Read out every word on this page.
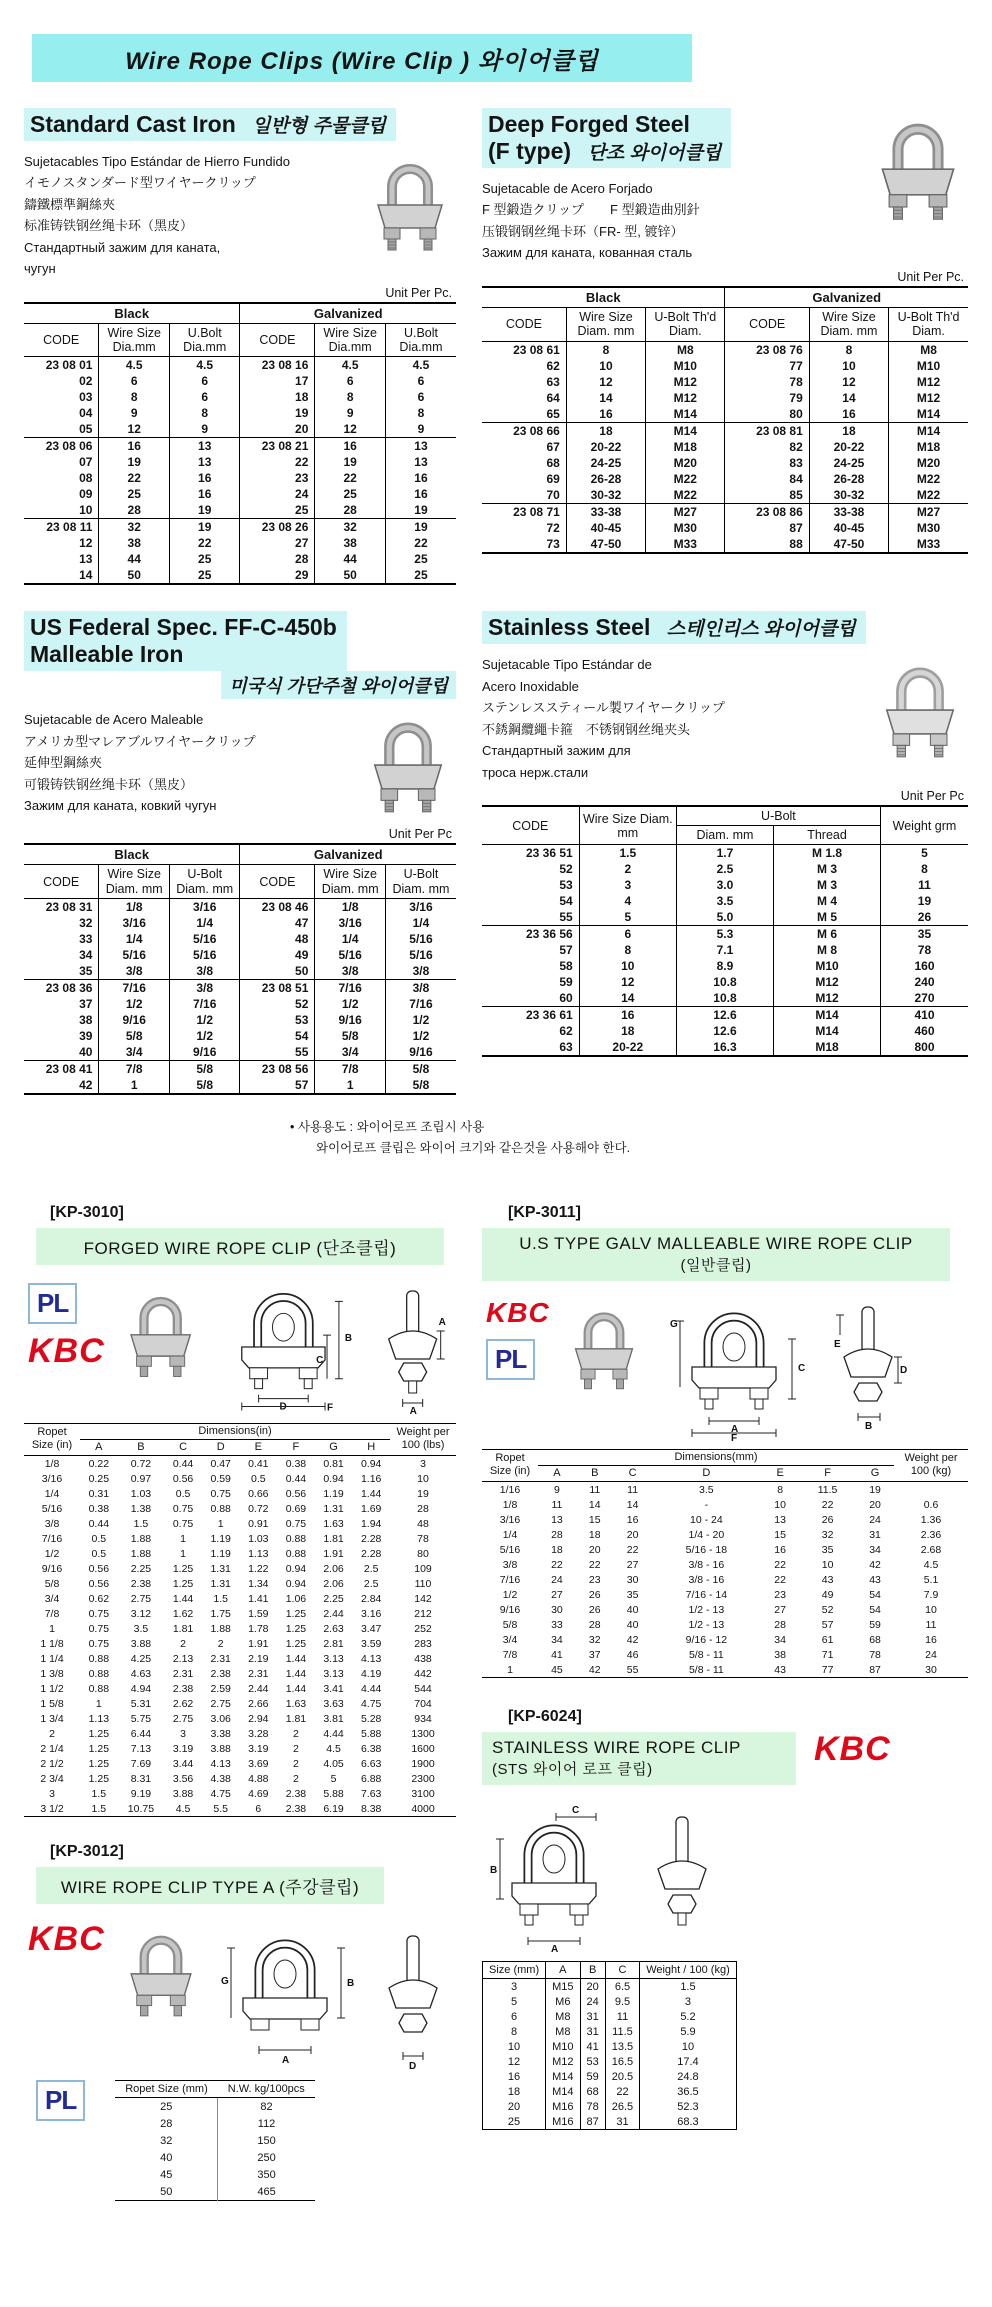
Wire Rope Clips (Wire Clip ) 와이어클립
Standard Cast Iron 일반형 주물클립
Sujetacables Tipo Estándar de Hierro Fundido
イモノスタンダード型ワイヤークリップ
鑄鐵標準鋼絲夾
标准铸铁钢丝绳卡环（黑皮）
Стандартный зажим для каната,
чугун
Unit Per Pc.
Black			Galvanized		
CODE	Wire Size Dia.mm	U.Bolt Dia.mm	CODE	Wire Size Dia.mm	U.Bolt Dia.mm
23 08 01	4.5	4.5	23 08 16	4.5	4.5
02	6	6	17	6	6
03	8	6	18	8	6
04	9	8	19	9	8
05	12	9	20	12	9
23 08 06	16	13	23 08 21	16	13
07	19	13	22	19	13
08	22	16	23	22	16
09	25	16	24	25	16
10	28	19	25	28	19
23 08 11	32	19	23 08 26	32	19
12	38	22	27	38	22
13	44	25	28	44	25
14	50	25	29	50	25
Deep Forged Steel
(F type) 단조 와이어클립
Sujetacable de Acero Forjado
F 型鍛造クリップ　　F 型鍛造曲別針
压锻钢钢丝绳卡环（FR- 型, 镀锌）
Зажим для каната, кованная сталь
Unit Per Pc.
Black			Galvanized		
CODE	Wire Size Diam. mm	U-Bolt Th'd Diam.	CODE	Wire Size Diam. mm	U-Bolt Th'd Diam.
23 08 61	8	M8	23 08 76	8	M8
62	10	M10	77	10	M10
63	12	M12	78	12	M12
64	14	M12	79	14	M12
65	16	M14	80	16	M14
23 08 66	18	M14	23 08 81	18	M14
67	20-22	M18	82	20-22	M18
68	24-25	M20	83	24-25	M20
69	26-28	M22	84	26-28	M22
70	30-32	M22	85	30-32	M22
23 08 71	33-38	M27	23 08 86	33-38	M27
72	40-45	M30	87	40-45	M30
73	47-50	M33	88	47-50	M33
US Federal Spec. FF-C-450b
Malleable Iron

미국식 가단주철 와이어클립
Sujetacable de Acero Maleable
アメリカ型マレアブルワイヤークリップ
延伸型鋼絲夾
可锻铸铁钢丝绳卡环（黑皮）
Зажим для каната, ковкий чугун
Unit Per Pc
Black			Galvanized		
CODE	Wire Size Diam. mm	U-Bolt Diam. mm	CODE	Wire Size Diam. mm	U-Bolt Diam. mm
23 08 31	1/8	3/16	23 08 46	1/8	3/16
32	3/16	1/4	47	3/16	1/4
33	1/4	5/16	48	1/4	5/16
34	5/16	5/16	49	5/16	5/16
35	3/8	3/8	50	3/8	3/8
23 08 36	7/16	3/8	23 08 51	7/16	3/8
37	1/2	7/16	52	1/2	7/16
38	9/16	1/2	53	9/16	1/2
39	5/8	1/2	54	5/8	1/2
40	3/4	9/16	55	3/4	9/16
23 08 41	7/8	5/8	23 08 56	7/8	5/8
42	1	5/8	57	1	5/8
Stainless Steel 스테인리스 와이어클립
Sujetacable Tipo Estándar de
Acero Inoxidable
ステンレススティール製ワイヤークリップ
不銹鋼纜繩卡箍　不锈钢钢丝绳夹头
Стандартный зажим для
троса нерж.стали
Unit Per Pc
CODE	Wire Size Diam. mm	U-Bolt		Weight grm
		Diam. mm	Thread	
23 36 51	1.5	1.7	M 1.8	5
52	2	2.5	M 3	8
53	3	3.0	M 3	11
54	4	3.5	M 4	19
55	5	5.0	M 5	26
23 36 56	6	5.3	M 6	35
57	8	7.1	M 8	78
58	10	8.9	M10	160
59	12	10.8	M12	240
60	14	10.8	M12	270
23 36 61	16	12.6	M14	410
62	18	12.6	M14	460
63	20-22	16.3	M18	800
• 사용용도 : 와이어로프 조립시 사용
와이어로프 클립은 와이어 크기와 같은것을 사용해야 한다.
[KP-3010]
FORGED WIRE ROPE CLIP (단조클립)
PL
KBC	B
C
F
A
A
Ropet Size (in)	Dimensions(in)								Weight per 100 (lbs)
	A	B	C	D	E	F	G	H	
1/8	0.22	0.72	0.44	0.47	0.41	0.38	0.81	0.94	3
3/16	0.25	0.97	0.56	0.59	0.5	0.44	0.94	1.16	10
1/4	0.31	1.03	0.5	0.75	0.66	0.56	1.19	1.44	19
5/16	0.38	1.38	0.75	0.88	0.72	0.69	1.31	1.69	28
3/8	0.44	1.5	0.75	1	0.91	0.75	1.63	1.94	48
7/16	0.5	1.88	1	1.19	1.03	0.88	1.81	2.28	78
1/2	0.5	1.88	1	1.19	1.13	0.88	1.91	2.28	80
9/16	0.56	2.25	1.25	1.31	1.22	0.94	2.06	2.5	109
5/8	0.56	2.38	1.25	1.31	1.34	0.94	2.06	2.5	110
3/4	0.62	2.75	1.44	1.5	1.41	1.06	2.25	2.84	142
7/8	0.75	3.12	1.62	1.75	1.59	1.25	2.44	3.16	212
1	0.75	3.5	1.81	1.88	1.78	1.25	2.63	3.47	252
1 1/8	0.75	3.88	2	2	1.91	1.25	2.81	3.59	283
1 1/4	0.88	4.25	2.13	2.31	2.19	1.44	3.13	4.13	438
1 3/8	0.88	4.63	2.31	2.38	2.31	1.44	3.13	4.19	442
1 1/2	0.88	4.94	2.38	2.59	2.44	1.44	3.41	4.44	544
1 5/8	1	5.31	2.62	2.75	2.66	1.63	3.63	4.75	704
1 3/4	1.13	5.75	2.75	3.06	2.94	1.81	3.81	5.28	934
2	1.25	6.44	3	3.38	3.28	2	4.44	5.88	1300
2 1/4	1.25	7.13	3.19	3.88	3.19	2	4.5	6.38	1600
2 1/2	1.25	7.69	3.44	4.13	3.69	2	4.05	6.63	1900
2 3/4	1.25	8.31	3.56	4.38	4.88	2	5	6.88	2300
3	1.5	9.19	3.88	4.75	4.69	2.38	5.88	7.63	3100
3 1/2	1.5	10.75	4.5	5.5	6	2.38	6.19	8.38	4000
[KP-3012]
WIRE ROPE CLIP TYPE A (주강클립)
KBC
G	B
A
D
PL	Ropet Size (mm)	N.W. kg/100pcs
25	82
28	112
32	150
40	250
45	350
50	465
[KP-3011]
U.S TYPE GALV MALLEABLE WIRE ROPE CLIP
(일반클립)
KBC
PL
G
C
A
F
E
D
B
Ropet Size (in)	Dimensions(mm)							Weight per 100 (kg)
	A	B	C	D	E	F	G	
1/16	9	11	11	3.5	8	11.5	19	
1/8	11	14	14	-	10	22	20	0.6
3/16	13	15	16	10 - 24	13	26	24	1.36
1/4	28	18	20	1/4 - 20	15	32	31	2.36
5/16	18	20	22	5/16 - 18	16	35	34	2.68
3/8	22	22	27	3/8 - 16	22	10	42	4.5
7/16	24	23	30	3/8 - 16	22	43	43	5.1
1/2	27	26	35	7/16 - 14	23	49	54	7.9
9/16	30	26	40	1/2 - 13	27	52	54	10
5/8	33	28	40	1/2 - 13	28	57	59	11
3/4	34	32	42	9/16 - 12	34	61	68	16
7/8	41	37	46	5/8 - 11	38	71	78	24
1	45	42	55	5/8 - 11	43	77	87	30
[KP-6024]
STAINLESS WIRE ROPE CLIP
(STS 와이어 로프 클립)
KBC
C
B
A
Size (mm)	A	B	C	Weight / 100 (kg)
3	M15	20	6.5	1.5
5	M6	24	9.5	3
6	M8	31	11	5.2
8	M8	31	11.5	5.9
10	M10	41	13.5	10
12	M12	53	16.5	17.4
16	M14	59	20.5	24.8
18	M14	68	22	36.5
20	M16	78	26.5	52.3
25	M16	87	31	68.3
